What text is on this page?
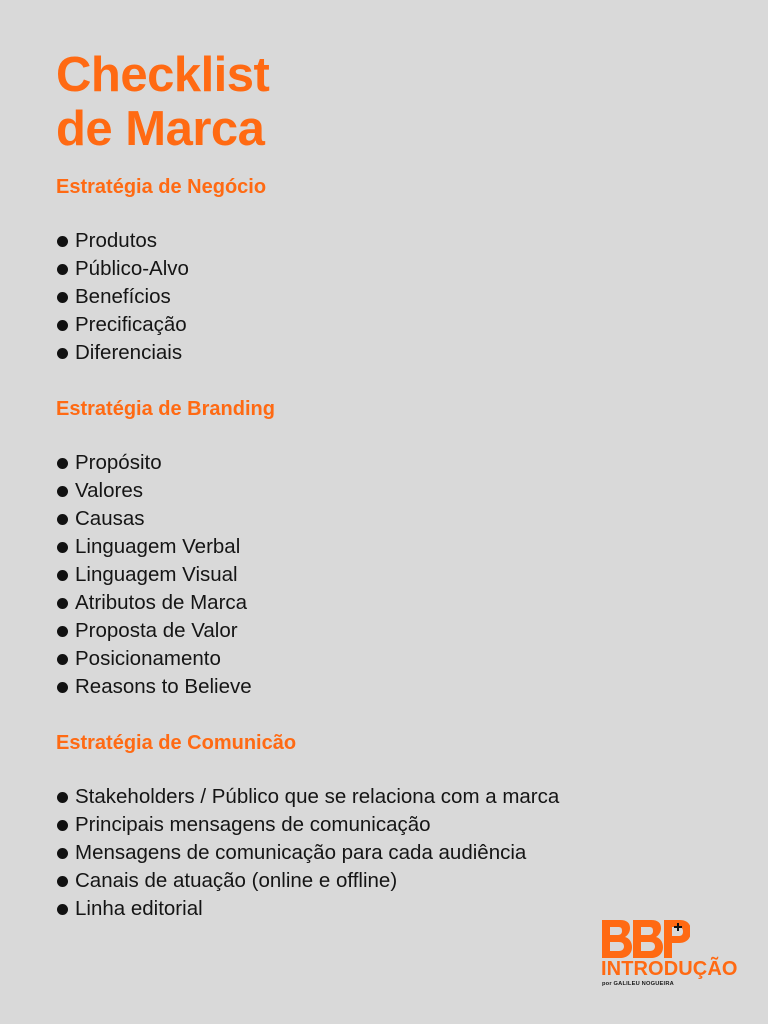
Checklist
de Marca
Estratégia de Negócio
Produtos
Público-Alvo
Benefícios
Precificação
Diferenciais
Estratégia de Branding
Propósito
Valores
Causas
Linguagem Verbal
Linguagem Visual
Atributos de Marca
Proposta de Valor
Posicionamento
Reasons to Believe
Estratégia de Comunicão
Stakeholders / Público que se relaciona com a marca
Principais mensagens de comunicação
Mensagens de comunicação para cada audiência
Canais de atuação (online e offline)
Linha editorial
INTRODUÇÃO
por GALILEU NOGUEIRA
